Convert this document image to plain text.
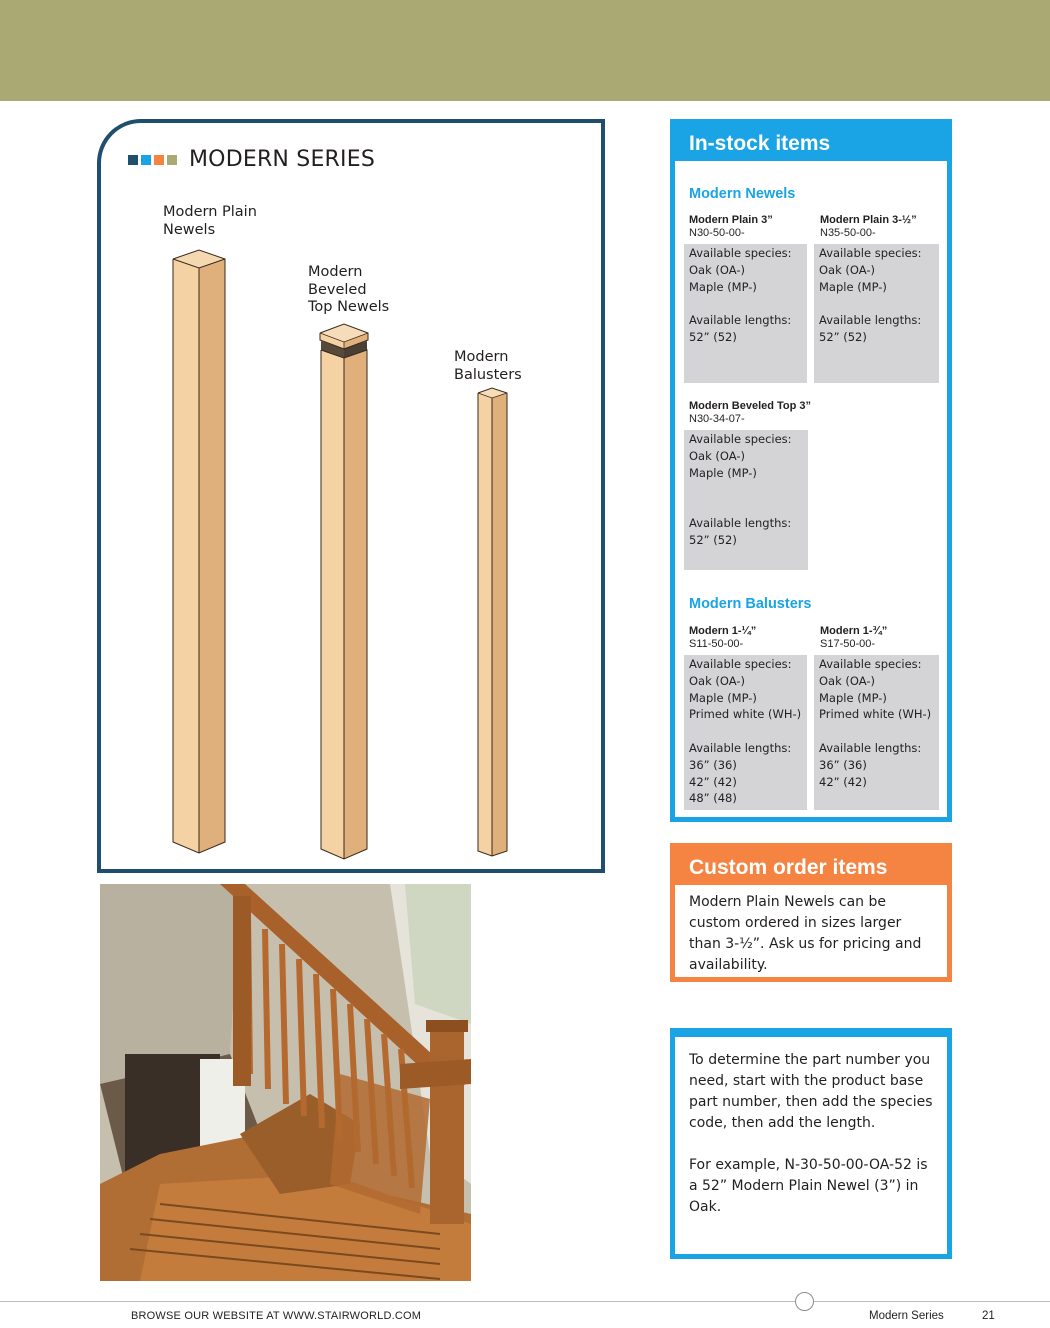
MODERN SERIES
Modern Plain
Newels
Modern
Beveled
Top Newels
Modern
Balusters
In-stock items
Modern Newels
Modern Plain 3”
N30-50-00-
Available species:
Oak (OA-)
Maple (MP-)
Available lengths:
52” (52)
Modern Plain 3-½”
N35-50-00-
Available species:
Oak (OA-)
Maple (MP-)
Available lengths:
52” (52)
Modern Beveled Top 3”
N30-34-07-
Available species:
Oak (OA-)
Maple (MP-)
Available lengths:
52” (52)
Modern Balusters
Modern 1-¼”
S11-50-00-
Available species:
Oak (OA-)
Maple (MP-)
Primed white (WH-)
Available lengths:
36” (36)
42” (42)
48” (48)
Modern 1-¾”
S17-50-00-
Available species:
Oak (OA-)
Maple (MP-)
Primed white (WH-)
Available lengths:
36” (36)
42” (42)
Custom order items
Modern Plain Newels can be custom ordered in sizes larger than 3-½”. Ask us for pricing and availability.
To determine the part number you need, start with the product base part number, then add the species code, then add the length.
For example, N-30-50-00-OA-52 is a 52” Modern Plain Newel (3”) in Oak.
BROWSE OUR WEBSITE AT WWW.STAIRWORLD.COM	Modern Series	21
